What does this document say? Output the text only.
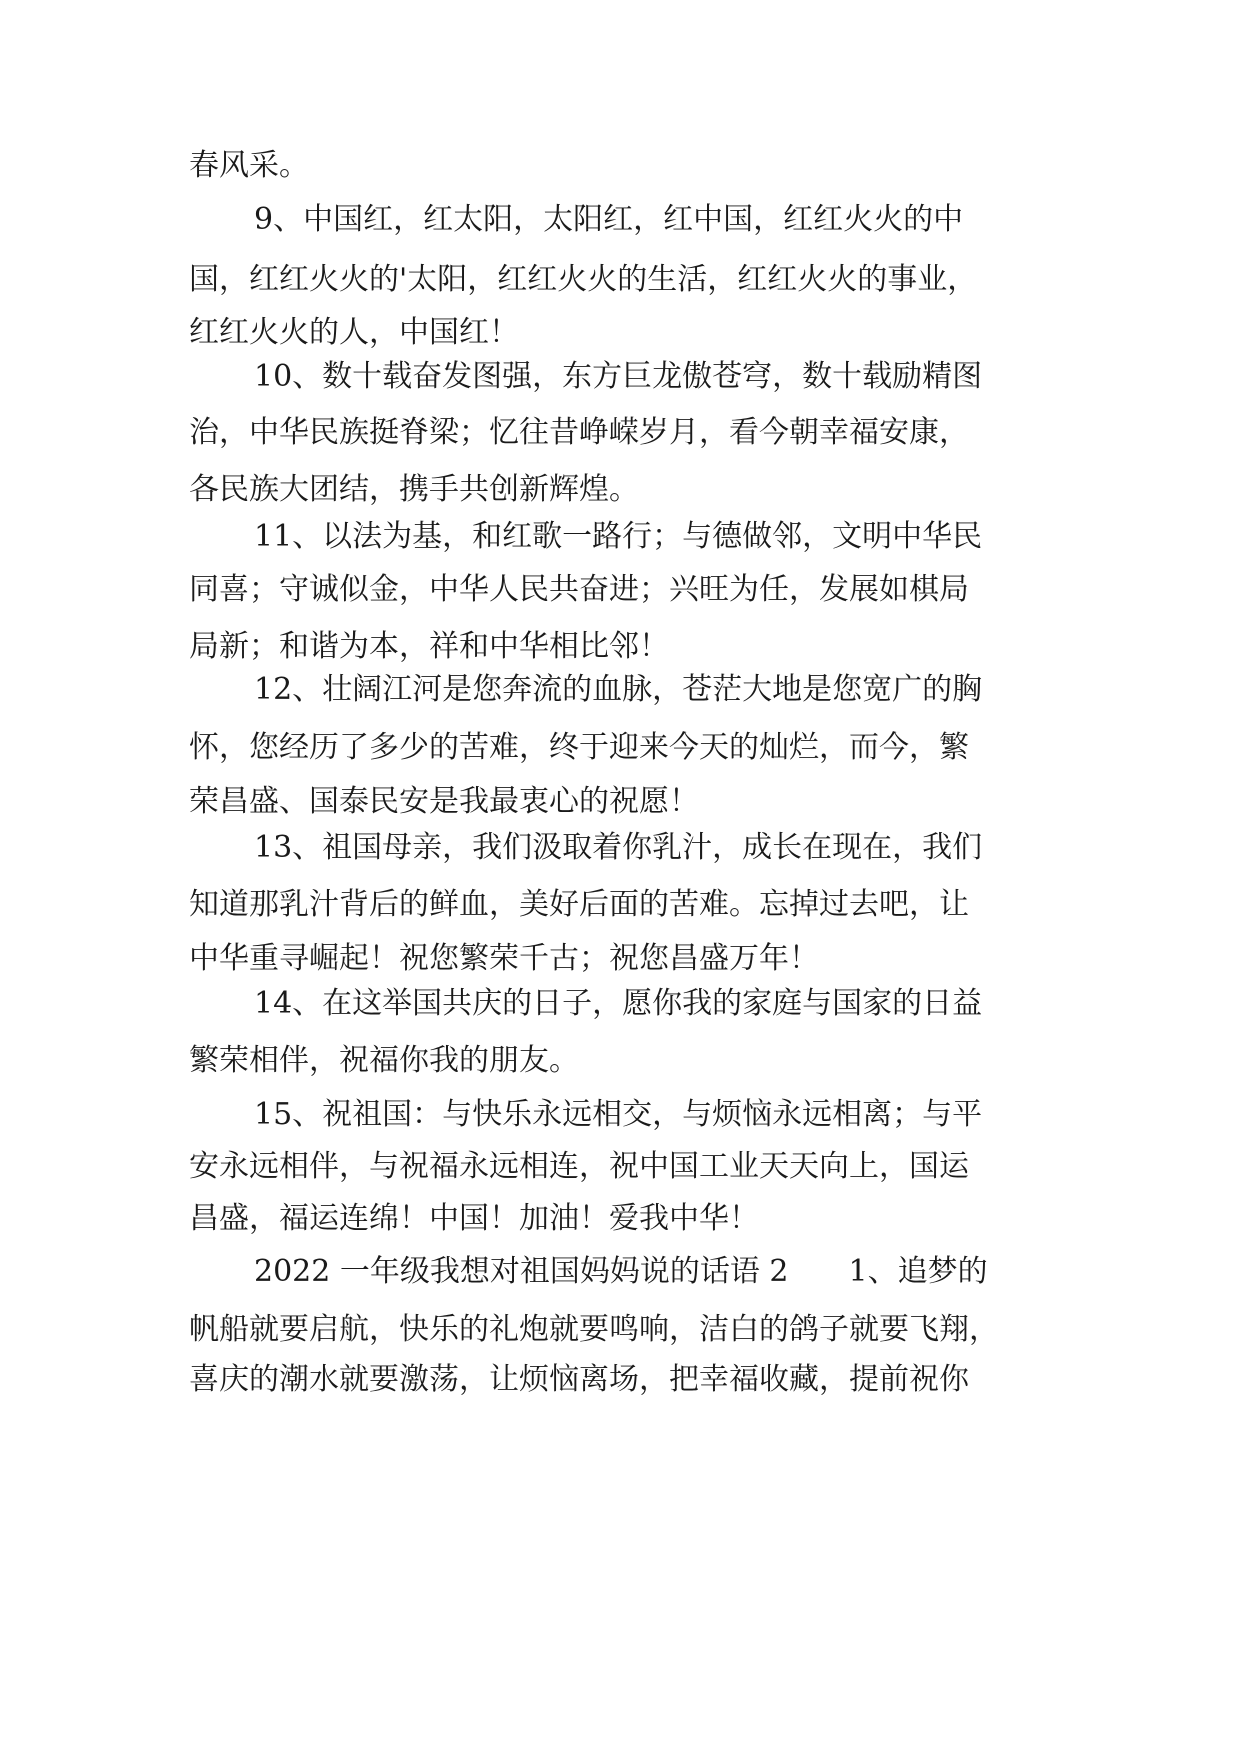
春风采。
9、中国红，红太阳，太阳红，红中国，红红火火的中
国，红红火火的'太阳，红红火火的生活，红红火火的事业，
红红火火的人，中国红！
10、数十载奋发图强，东方巨龙傲苍穹，数十载励精图
治，中华民族挺脊梁；忆往昔峥嵘岁月，看今朝幸福安康，
各民族大团结，携手共创新辉煌。
11、以法为基，和红歌一路行；与德做邻，文明中华民
同喜；守诚似金，中华人民共奋进；兴旺为任，发展如棋局
局新；和谐为本，祥和中华相比邻！
12、壮阔江河是您奔流的血脉，苍茫大地是您宽广的胸
怀，您经历了多少的苦难，终于迎来今天的灿烂，而今，繁
荣昌盛、国泰民安是我最衷心的祝愿！
13、祖国母亲，我们汲取着你乳汁，成长在现在，我们
知道那乳汁背后的鲜血，美好后面的苦难。忘掉过去吧，让
中华重寻崛起！祝您繁荣千古；祝您昌盛万年！
14、在这举国共庆的日子，愿你我的家庭与国家的日益
繁荣相伴，祝福你我的朋友。
15、祝祖国：与快乐永远相交，与烦恼永远相离；与平
安永远相伴，与祝福永远相连，祝中国工业天天向上，国运
昌盛，福运连绵！中国！加油！爱我中华！
2022 一年级我想对祖国妈妈说的话语 2　　1、追梦的
帆船就要启航，快乐的礼炮就要鸣响，洁白的鸽子就要飞翔，
喜庆的潮水就要激荡，让烦恼离场，把幸福收藏，提前祝你
